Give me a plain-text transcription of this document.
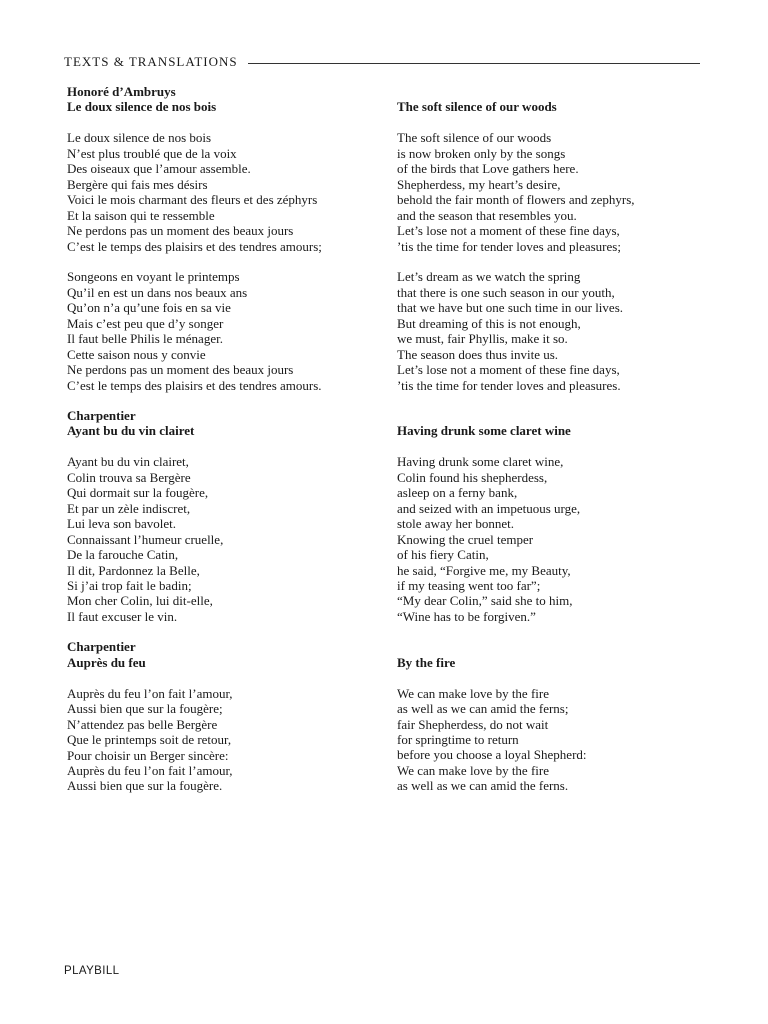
TEXTS & TRANSLATIONS
Honoré d’Ambruys
Le doux silence de nos bois
Le doux silence de nos bois
N’est plus troublé que de la voix
Des oiseaux que l’amour assemble.
Bergère qui fais mes désirs
Voici le mois charmant des fleurs et des zéphyrs
Et la saison qui te ressemble
Ne perdons pas un moment des beaux jours
C’est le temps des plaisirs et des tendres amours;
Songeons en voyant le printemps
Qu’il en est un dans nos beaux ans
Qu’on n’a qu’une fois en sa vie
Mais c’est peu que d’y songer
Il faut belle Philis le ménager.
Cette saison nous y convie
Ne perdons pas un moment des beaux jours
C’est le temps des plaisirs et des tendres amours.
Charpentier
Ayant bu du vin clairet
Ayant bu du vin clairet,
Colin trouva sa Bergère
Qui dormait sur la fougère,
Et par un zèle indiscret,
Lui leva son bavolet.
Connaissant l’humeur cruelle,
De la farouche Catin,
Il dit, Pardonnez la Belle,
Si j’ai trop fait le badin;
Mon cher Colin, lui dit-elle,
Il faut excuser le vin.
Charpentier
Auprès du feu
Auprès du feu l’on fait l’amour,
Aussi bien que sur la fougère;
N’attendez pas belle Bergère
Que le printemps soit de retour,
Pour choisir un Berger sincère:
Auprès du feu l’on fait l’amour,
Aussi bien que sur la fougère.
The soft silence of our woods
The soft silence of our woods
is now broken only by the songs
of the birds that Love gathers here.
Shepherdess, my heart’s desire,
behold the fair month of flowers and zephyrs,
and the season that resembles you.
Let’s lose not a moment of these fine days,
’tis the time for tender loves and pleasures;
Let’s dream as we watch the spring
that there is one such season in our youth,
that we have but one such time in our lives.
But dreaming of this is not enough,
we must, fair Phyllis, make it so.
The season does thus invite us.
Let’s lose not a moment of these fine days,
’tis the time for tender loves and pleasures.
Having drunk some claret wine
Having drunk some claret wine,
Colin found his shepherdess,
asleep on a ferny bank,
and seized with an impetuous urge,
stole away her bonnet.
Knowing the cruel temper
of his fiery Catin,
he said, “Forgive me, my Beauty,
if my teasing went too far”;
“My dear Colin,” said she to him,
“Wine has to be forgiven.”
By the fire
We can make love by the fire
as well as we can amid the ferns;
fair Shepherdess, do not wait
for springtime to return
before you choose a loyal Shepherd:
We can make love by the fire
as well as we can amid the ferns.
PLAYBILL
